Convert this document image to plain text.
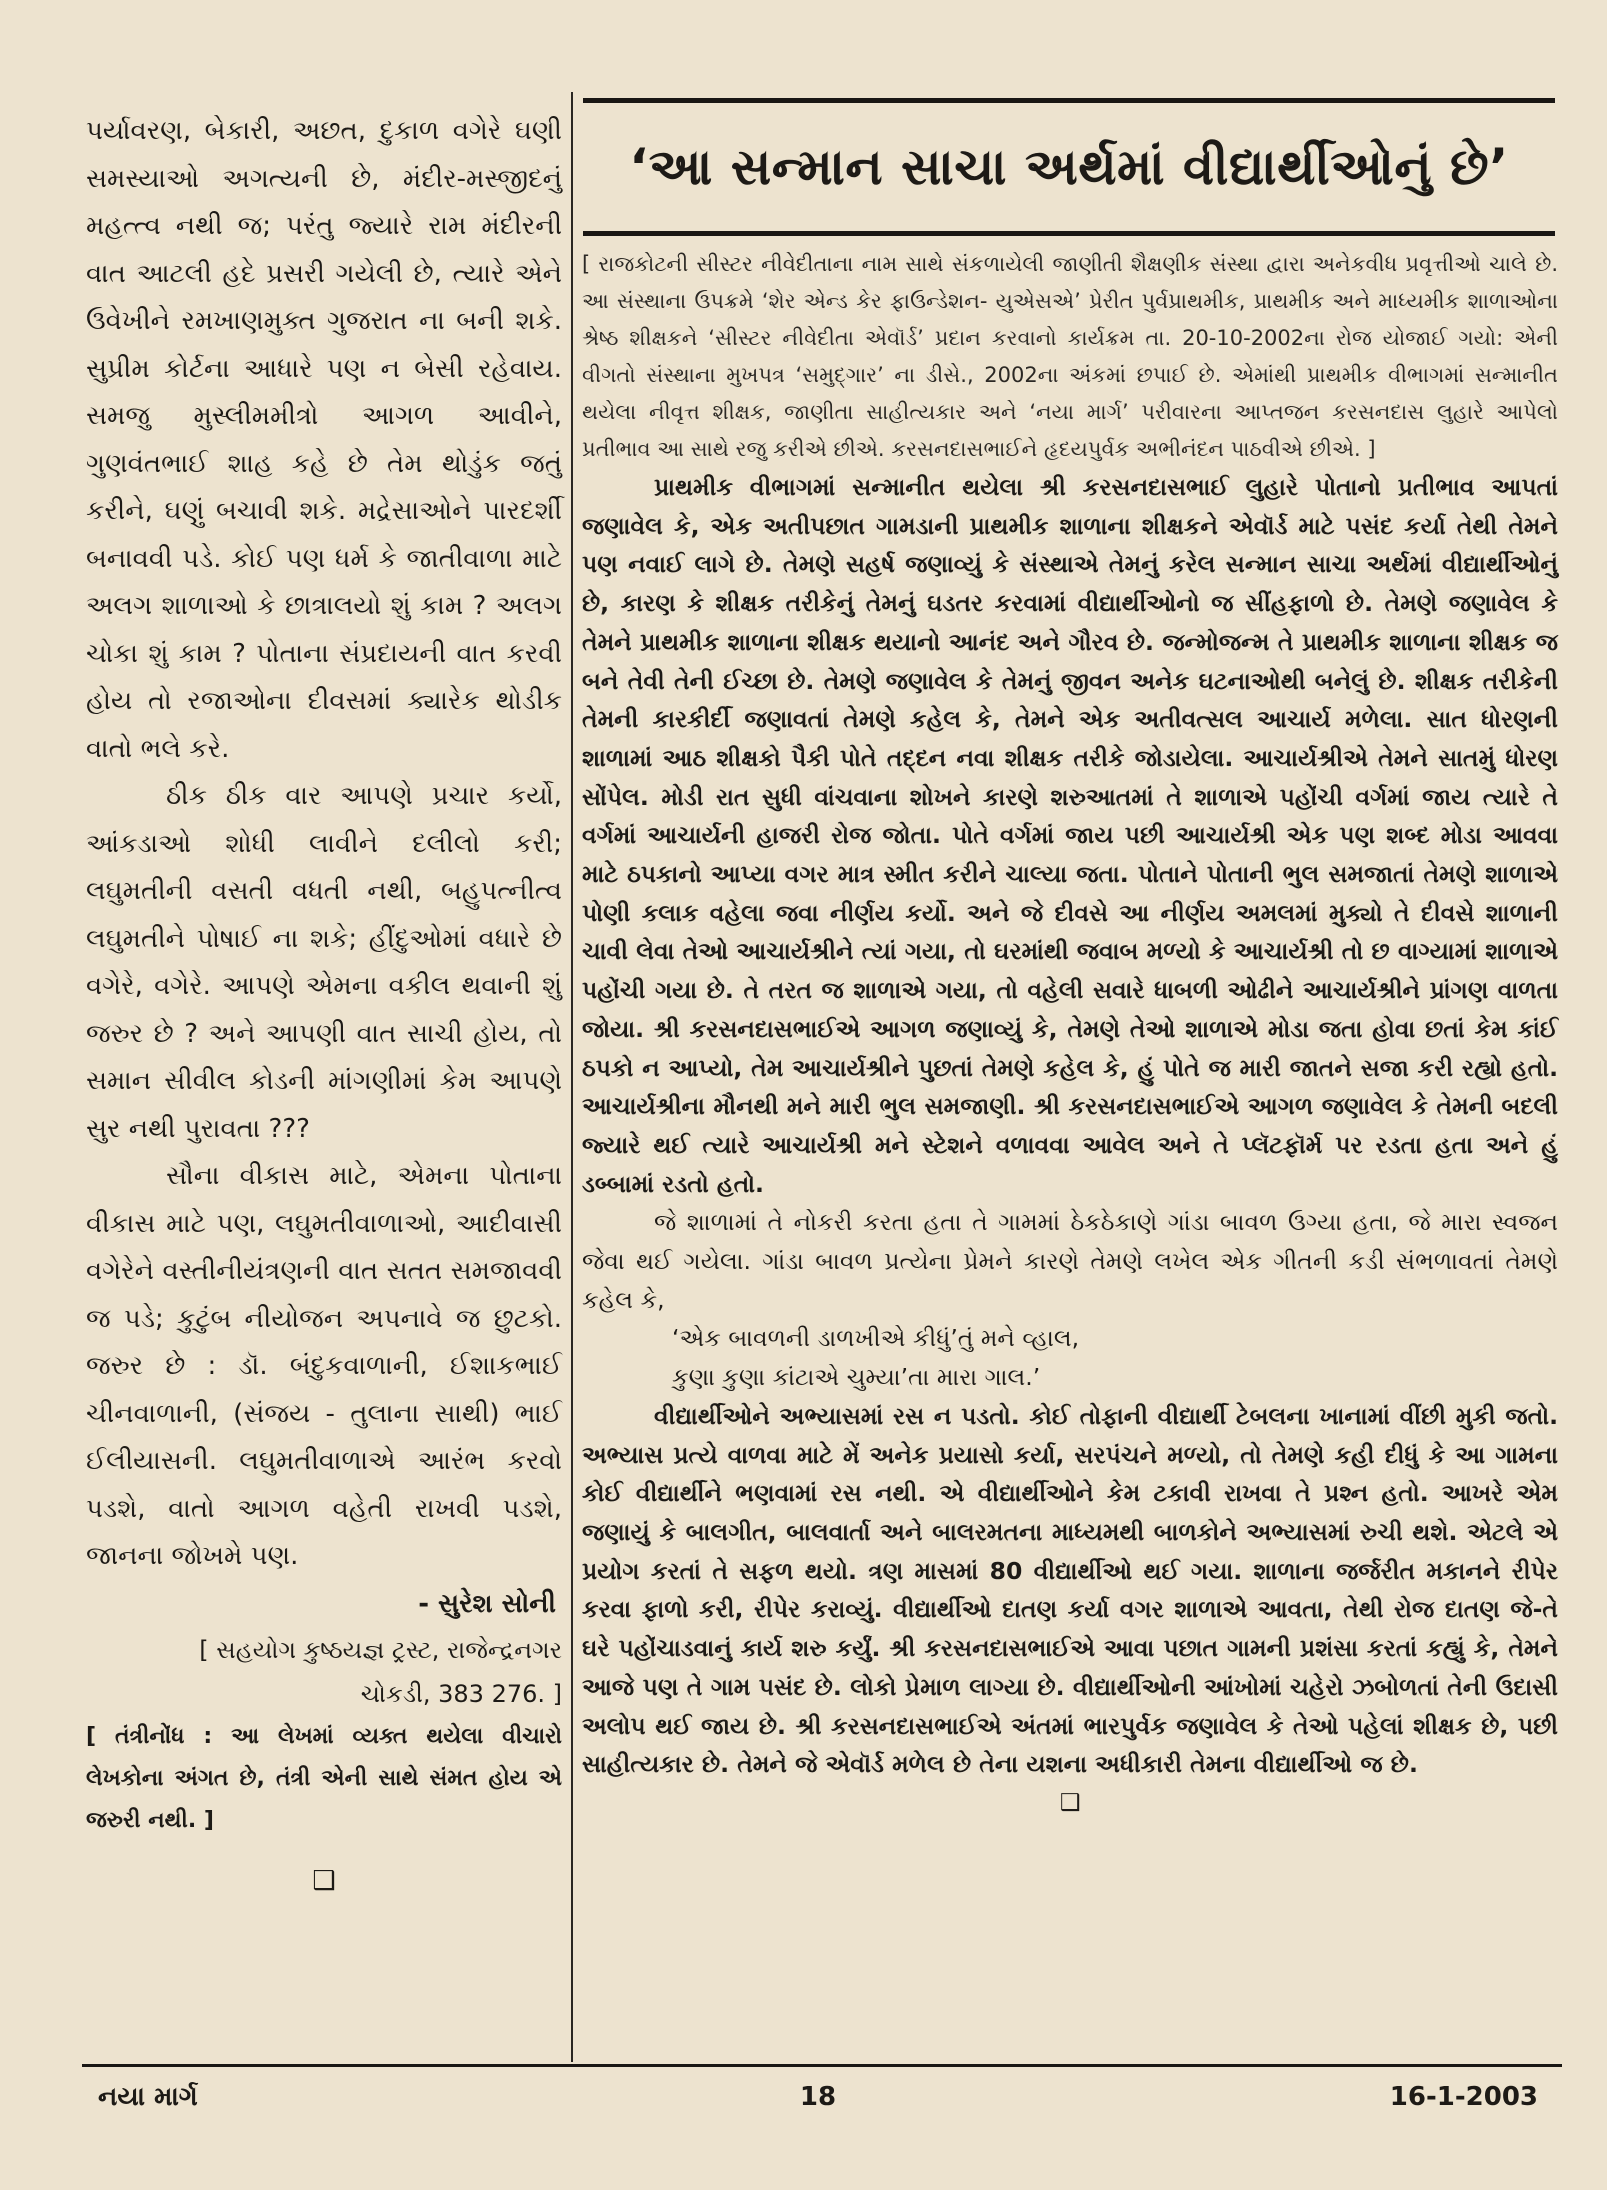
પર્યાવરણ, બેકારી, અછત, દુકાળ વગેરે ઘણી સમસ્યાઓ અગત્યની છે, મંદીર-મસ્જીદનું મહત્ત્વ નથી જ; પરંતુ જ્યારે રામ મંદીરની વાત આટલી હદે પ્રસરી ગયેલી છે, ત્યારે એને ઉવેખીને રમખાણમુક્ત ગુજરાત ના બની શકે. સુપ્રીમ કોર્ટના આધારે પણ ન બેસી રહેવાય. સમજુ મુસ્લીમમીત્રો આગળ આવીને, ગુણવંતભાઈ શાહ કહે છે તેમ થોડુંક જતું કરીને, ઘણું બચાવી શકે. મદ્રેસાઓને પારદર્શી બનાવવી પડે. કોઈ પણ ધર્મ કે જાતીવાળા માટે અલગ શાળાઓ કે છાત્રાલયો શું કામ ? અલગ ચોકા શું કામ ? પોતાના સંપ્રદાયની વાત કરવી હોય તો રજાઓના દીવસમાં ક્યારેક થોડીક વાતો ભલે કરે.

ઠીક ઠીક વાર આપણે પ્રચાર કર્યો, આંકડાઓ શોધી લાવીને દલીલો કરી; લઘુમતીની વસતી વધતી નથી, બહુપત્નીત્વ લઘુમતીને પોષાઈ ના શકે; હીંદુઓમાં વધારે છે વગેરે, વગેરે. આપણે એમના વકીલ થવાની શું જરુર છે ? અને આપણી વાત સાચી હોય, તો સમાન સીવીલ કોડની માંગણીમાં કેમ આપણે સુર નથી પુરાવતા ???

સૌના વીકાસ માટે, એમના પોતાના વીકાસ માટે પણ, લઘુમતીવાળાઓ, આદીવાસી વગેરેને વસ્તીનીયંત્રણની વાત સતત સમજાવવી જ પડે; કુટુંબ નીયોજન અપનાવે જ છુટકો. જરુર છે : ડૉ. બંદુકવાળાની, ઈશાકભાઈ ચીનવાળાની, (સંજય - તુલાના સાથી) ભાઈ ઈલીયાસની. લઘુમતીવાળાએ આરંભ કરવો પડશે, વાતો આગળ વહેતી રાખવી પડશે, જાનના જોખમે પણ.

- સુરેશ સોની

[ સહયોગ કુષ્ઠયજ્ઞ ટ્રસ્ટ, રાજેન્દ્રનગર

ચોકડી, 383 276. ]

[ તંત્રીનોંધ : આ લેખમાં વ્યક્ત થયેલા વીચારો લેખકોના અંગત છે, તંત્રી એની સાથે સંમત હોય એ જરુરી નથી. ]

❑

‘આ સન્માન સાચા અર્થમાં વીદ્યાર્થીઓનું છે’

[ રાજકોટની સીસ્ટર નીવેદીતાના નામ સાથે સંકળાયેલી જાણીતી શૈક્ષણીક સંસ્થા દ્વારા અનેકવીધ પ્રવૃત્તીઓ ચાલે છે. આ સંસ્થાના ઉપક્રમે ‘શેર એન્ડ કેર ફાઉન્ડેશન- યુએસએ’ પ્રેરીત પુર્વપ્રાથમીક, પ્રાથમીક અને માધ્યમીક શાળાઓના શ્રેષ્ઠ શીક્ષકને ‘સીસ્ટર નીવેદીતા એવૉર્ડ’ પ્રદાન કરવાનો કાર્યક્રમ તા. 20-10-2002ના રોજ યોજાઈ ગયો: એની વીગતો સંસ્થાના મુખપત્ર ‘સમુદ્ગાર’ ના ડીસે., 2002ના અંકમાં છપાઈ છે. એમાંથી પ્રાથમીક વીભાગમાં સન્માનીત થયેલા નીવૃત્ત શીક્ષક, જાણીતા સાહીત્યકાર અને ‘નયા માર્ગ’ પરીવારના આપ્તજન કરસનદાસ લુહારે આપેલો પ્રતીભાવ આ સાથે રજુ કરીએ છીએ. કરસનદાસભાઈને હૃદયપુર્વક અભીનંદન પાઠવીએ છીએ. ]

પ્રાથમીક વીભાગમાં સન્માનીત થયેલા શ્રી કરસનદાસભાઈ લુહારે પોતાનો પ્રતીભાવ આપતાં જણાવેલ કે, એક અતીપછાત ગામડાની પ્રાથમીક શાળાના શીક્ષકને એવૉર્ડ માટે પસંદ કર્યા તેથી તેમને પણ નવાઈ લાગે છે. તેમણે સહર્ષ જણાવ્યું કે સંસ્થાએ તેમનું કરેલ સન્માન સાચા અર્થમાં વીદ્યાર્થીઓનું છે, કારણ કે શીક્ષક તરીકેનું તેમનું ઘડતર કરવામાં વીદ્યાર્થીઓનો જ સીંહફાળો છે. તેમણે જણાવેલ કે તેમને પ્રાથમીક શાળાના શીક્ષક થયાનો આનંદ અને ગૌરવ છે. જન્મોજન્મ તે પ્રાથમીક શાળાના શીક્ષક જ બને તેવી તેની ઈચ્છા છે. તેમણે જણાવેલ કે તેમનું જીવન અનેક ઘટનાઓથી બનેલું છે. શીક્ષક તરીકેની તેમની કારકીર્દી જણાવતાં તેમણે કહેલ કે, તેમને એક અતીવત્સલ આચાર્ય મળેલા. સાત ધોરણની શાળામાં આઠ શીક્ષકો પૈકી પોતે તદ્દન નવા શીક્ષક તરીકે જોડાયેલા. આચાર્યશ્રીએ તેમને સાતમું ધોરણ સોંપેલ. મોડી રાત સુધી વાંચવાના શોખને કારણે શરુઆતમાં તે શાળાએ પહોંચી વર્ગમાં જાય ત્યારે તે વર્ગમાં આચાર્યની હાજરી રોજ જોતા. પોતે વર્ગમાં જાય પછી આચાર્યશ્રી એક પણ શબ્દ મોડા આવવા માટે ઠપકાનો આપ્યા વગર માત્ર સ્મીત કરીને ચાલ્યા જતા. પોતાને પોતાની ભુલ સમજાતાં તેમણે શાળાએ પોણી કલાક વહેલા જવા નીર્ણય કર્યો. અને જે દીવસે આ નીર્ણય અમલમાં મુક્યો તે દીવસે શાળાની ચાવી લેવા તેઓ આચાર્યશ્રીને ત્યાં ગયા, તો ઘરમાંથી જવાબ મળ્યો કે આચાર્યશ્રી તો છ વાગ્યામાં શાળાએ પહોંચી ગયા છે. તે તરત જ શાળાએ ગયા, તો વહેલી સવારે ધાબળી ઓઢીને આચાર્યશ્રીને પ્રાંગણ વાળતા જોયા. શ્રી કરસનદાસભાઈએ આગળ જણાવ્યું કે, તેમણે તેઓ શાળાએ મોડા જતા હોવા છતાં કેમ કાંઈ ઠપકો ન આપ્યો, તેમ આચાર્યશ્રીને પુછતાં તેમણે કહેલ કે, હું પોતે જ મારી જાતને સજા કરી રહ્યો હતો. આચાર્યશ્રીના મૌનથી મને મારી ભુલ સમજાણી. શ્રી કરસનદાસભાઈએ આગળ જણાવેલ કે તેમની બદલી જ્યારે થઈ ત્યારે આચાર્યશ્રી મને સ્ટેશને વળાવવા આવેલ અને તે પ્લૅટફૉર્મ પર રડતા હતા અને હું ડબ્બામાં રડતો હતો.

જે શાળામાં તે નોકરી કરતા હતા તે ગામમાં ઠેકઠેકાણે ગાંડા બાવળ ઉગ્યા હતા, જે મારા સ્વજન જેવા થઈ ગયેલા. ગાંડા બાવળ પ્રત્યેના પ્રેમને કારણે તેમણે લખેલ એક ગીતની કડી સંભળાવતાં તેમણે કહેલ કે,

‘એક બાવળની ડાળખીએ કીધું’તું મને વ્હાલ,

કુણા કુણા કાંટાએ ચુમ્યા’તા મારા ગાલ.’

વીદ્યાર્થીઓને અભ્યાસમાં રસ ન પડતો. કોઈ તોફાની વીદ્યાર્થી ટેબલના ખાનામાં વીંછી મુકી જતો. અભ્યાસ પ્રત્યે વાળવા માટે મેં અનેક પ્રયાસો કર્યા, સરપંચને મળ્યો, તો તેમણે કહી દીધું કે આ ગામના કોઈ વીદ્યાર્થીને ભણવામાં રસ નથી. એ વીદ્યાર્થીઓને કેમ ટકાવી રાખવા તે પ્રશ્ન હતો. આખરે એમ જણાયું કે બાલગીત, બાલવાર્તા અને બાલરમતના માધ્યમથી બાળકોને અભ્યાસમાં રુચી થશે. એટલે એ પ્રયોગ કરતાં તે સફળ થયો. ત્રણ માસમાં 80 વીદ્યાર્થીઓ થઈ ગયા. શાળાના જર્જરીત મકાનને રીપેર કરવા ફાળો કરી, રીપેર કરાવ્યું. વીદ્યાર્થીઓ દાતણ કર્યા વગર શાળાએ આવતા, તેથી રોજ દાતણ જે-તે ઘરે પહોંચાડવાનું કાર્ય શરુ કર્યું. શ્રી કરસનદાસભાઈએ આવા પછાત ગામની પ્રશંસા કરતાં કહ્યું કે, તેમને આજે પણ તે ગામ પસંદ છે. લોકો પ્રેમાળ લાગ્યા છે. વીદ્યાર્થીઓની આંખોમાં ચહેરો ઝબોળતાં તેની ઉદાસી અલોપ થઈ જાય છે. શ્રી કરસનદાસભાઈએ અંતમાં ભારપુર્વક જણાવેલ કે તેઓ પહેલાં શીક્ષક છે, પછી સાહીત્યકાર છે. તેમને જે એવૉર્ડ મળેલ છે તેના યશના અધીકારી તેમના વીદ્યાર્થીઓ જ છે.

❑

નયા માર્ગ	18	16-1-2003
